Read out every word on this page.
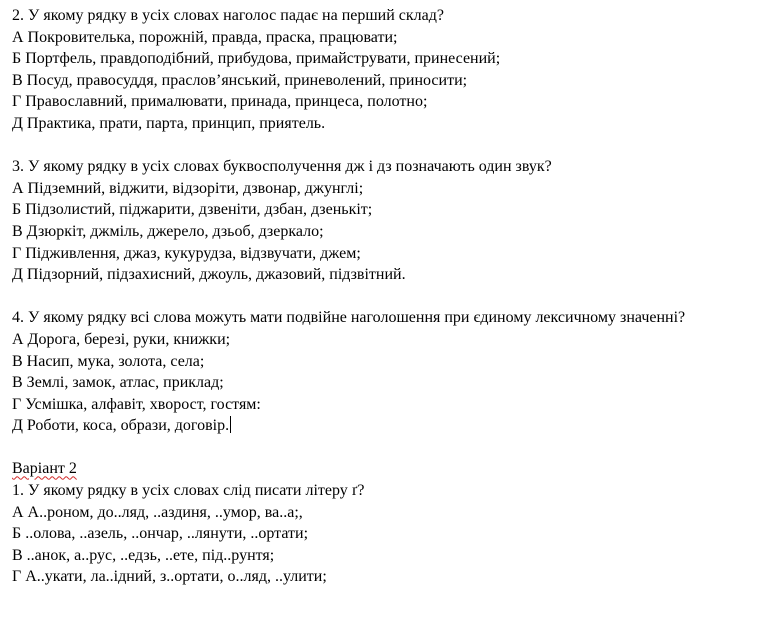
2. У якому рядку в усіх словах наголос падає на перший склад?
А Покровителька, порожній, правда, праска, працювати;
Б Портфель, правдоподібний, прибудова, примайструвати, принесений;
В Посуд, правосуддя, праслов’янський, приневолений, приносити;
Г Православний, прималювати, принада, принцеса, полотно;
Д Практика, прати, парта, принцип, приятель.
3. У якому рядку в усіх словах буквосполучення дж і дз позначають один звук?
А Підземний, віджити, відзоріти, дзвонар, джунглі;
Б Підзолистий, піджарити, дзвеніти, дзбан, дзенькіт;
В Дзюркіт, джміль, джерело, дзьоб, дзеркало;
Г Підживлення, джаз, кукурудза, відзвучати, джем;
Д Підзорний, підзахисний, джоуль, джазовий, підзвітний.
4. У якому рядку всі слова можуть мати подвійне наголошення при єдиному лексичному значенні?
А Дорога, березі, руки, книжки;
В Насип, мука, золота, села;
В Землі, замок, атлас, приклад;
Г Усмішка, алфавіт, хворост, гостям:
Д Роботи, коса, образи, договір.
Варіант 2
1. У якому рядку в усіх словах слід писати літеру ґ?
А А..роном, до..ляд, ..аздиня, ..умор, ва..а;,
Б ..олова, ..азель, ..ончар, ..лянути, ..ортати;
В ..анок, а..рус, ..едзь, ..ете, під..рунтя;
Г А..укати, ла..ідний, з..ортати, о..ляд, ..улити;
